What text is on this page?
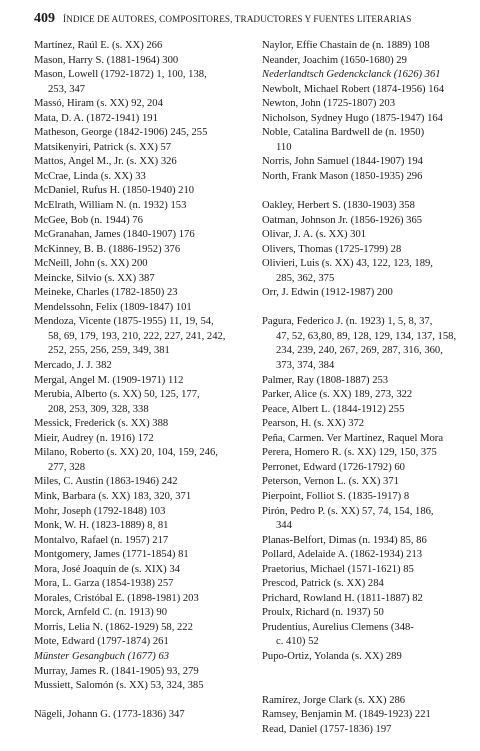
409 ÍNDICE DE AUTORES, COMPOSITORES, TRADUCTORES Y FUENTES LITERARIAS
Martínez, Raúl E. (s. XX) 266
Mason, Harry S. (1881-1964) 300
Mason, Lowell (1792-1872) 1, 100, 138,
253, 347
Massó, Hiram (s. XX) 92, 204
Mata, D. A. (1872-1941) 191
Matheson, George (1842-1906) 245, 255
Matsikenyiri, Patrick (s. XX) 57
Mattos, Angel M., Jr. (s. XX) 326
McCrae, Linda (s. XX) 33
McDaniel, Rufus H. (1850-1940) 210
McElrath, William N. (n. 1932) 153
McGee, Bob (n. 1944) 76
McGranahan, James (1840-1907) 176
McKinney, B. B. (1886-1952) 376
McNeill, John (s. XX) 200
Meincke, Silvio (s. XX) 387
Meineke, Charles (1782-1850) 23
Mendelssohn, Felix (1809-1847) 101
Mendoza, Vicente (1875-1955) 11, 19, 54,
58, 69, 179, 193, 210, 222, 227, 241, 242,
252, 255, 256, 259, 349, 381
Mercado, J. J. 382
Mergal, Angel M. (1909-1971) 112
Merubia, Alberto (s. XX) 50, 125, 177,
208, 253, 309, 328, 338
Messick, Frederick (s. XX) 388
Mieir, Audrey (n. 1916) 172
Milano, Roberto (s. XX) 20, 104, 159, 246,
277, 328
Miles, C. Austin (1863-1946) 242
Mink, Barbara (s. XX) 183, 320, 371
Mohr, Joseph (1792-1848) 103
Monk, W. H. (1823-1889) 8, 81
Montalvo, Rafael (n. 1957) 217
Montgomery, James (1771-1854) 81
Mora, José Joaquín de (s. XIX) 34
Mora, L. Garza (1854-1938) 257
Morales, Cristóbal E. (1898-1981) 203
Morck, Arnfeld C. (n. 1913) 90
Morris, Lelia N. (1862-1929) 58, 222
Mote, Edward (1797-1874) 261
Münster Gesangbuch (1677) 63
Murray, James R. (1841-1905) 93, 279
Mussiett, Salomón (s. XX) 53, 324, 385
Nägeli, Johann G. (1773-1836) 347
Naylor, Effie Chastain de (n. 1889) 108
Neander, Joachim (1650-1680) 29
Nederlandtsch Gedenckclanck (1626) 361
Newbolt, Michael Robert (1874-1956) 164
Newton, John (1725-1807) 203
Nicholson, Sydney Hugo (1875-1947) 164
Noble, Catalina Bardwell de (n. 1950)
110
Norris, John Samuel (1844-1907) 194
North, Frank Mason (1850-1935) 296
Oakley, Herbert S. (1830-1903) 358
Oatman, Johnson Jr. (1856-1926) 365
Olivar, J. A. (s. XX) 301
Olivers, Thomas (1725-1799) 28
Olivieri, Luis (s. XX) 43, 122, 123, 189,
285, 362, 375
Orr, J. Edwin (1912-1987) 200
Pagura, Federico J. (n. 1923) 1, 5, 8, 37,
47, 52, 63,80, 89, 128, 129, 134, 137, 158,
234, 239, 240, 267, 269, 287, 316, 360,
373, 374, 384
Palmer, Ray (1808-1887) 253
Parker, Alice (s. XX) 189, 273, 322
Peace, Albert L. (1844-1912) 255
Pearson, H. (s. XX) 372
Peña, Carmen. Ver Martínez, Raquel Mora
Perera, Homero R. (s. XX) 129, 150, 375
Perronet, Edward (1726-1792) 60
Peterson, Vernon L. (s. XX) 371
Pierpoint, Folliot S. (1835-1917) 8
Pirón, Pedro P. (s. XX) 57, 74, 154, 186,
344
Planas-Belfort, Dimas (n. 1934) 85, 86
Pollard, Adelaide A. (1862-1934) 213
Praetorius, Michael (1571-1621) 85
Prescod, Patrick (s. XX) 284
Prichard, Rowland H. (1811-1887) 82
Proulx, Richard (n. 1937) 50
Prudentius, Aurelius Clemens (348-
c. 410) 52
Pupo-Ortiz, Yolanda (s. XX) 289
Ramírez, Jorge Clark (s. XX) 286
Ramsey, Benjamin M. (1849-1923) 221
Read, Daniel (1757-1836) 197
